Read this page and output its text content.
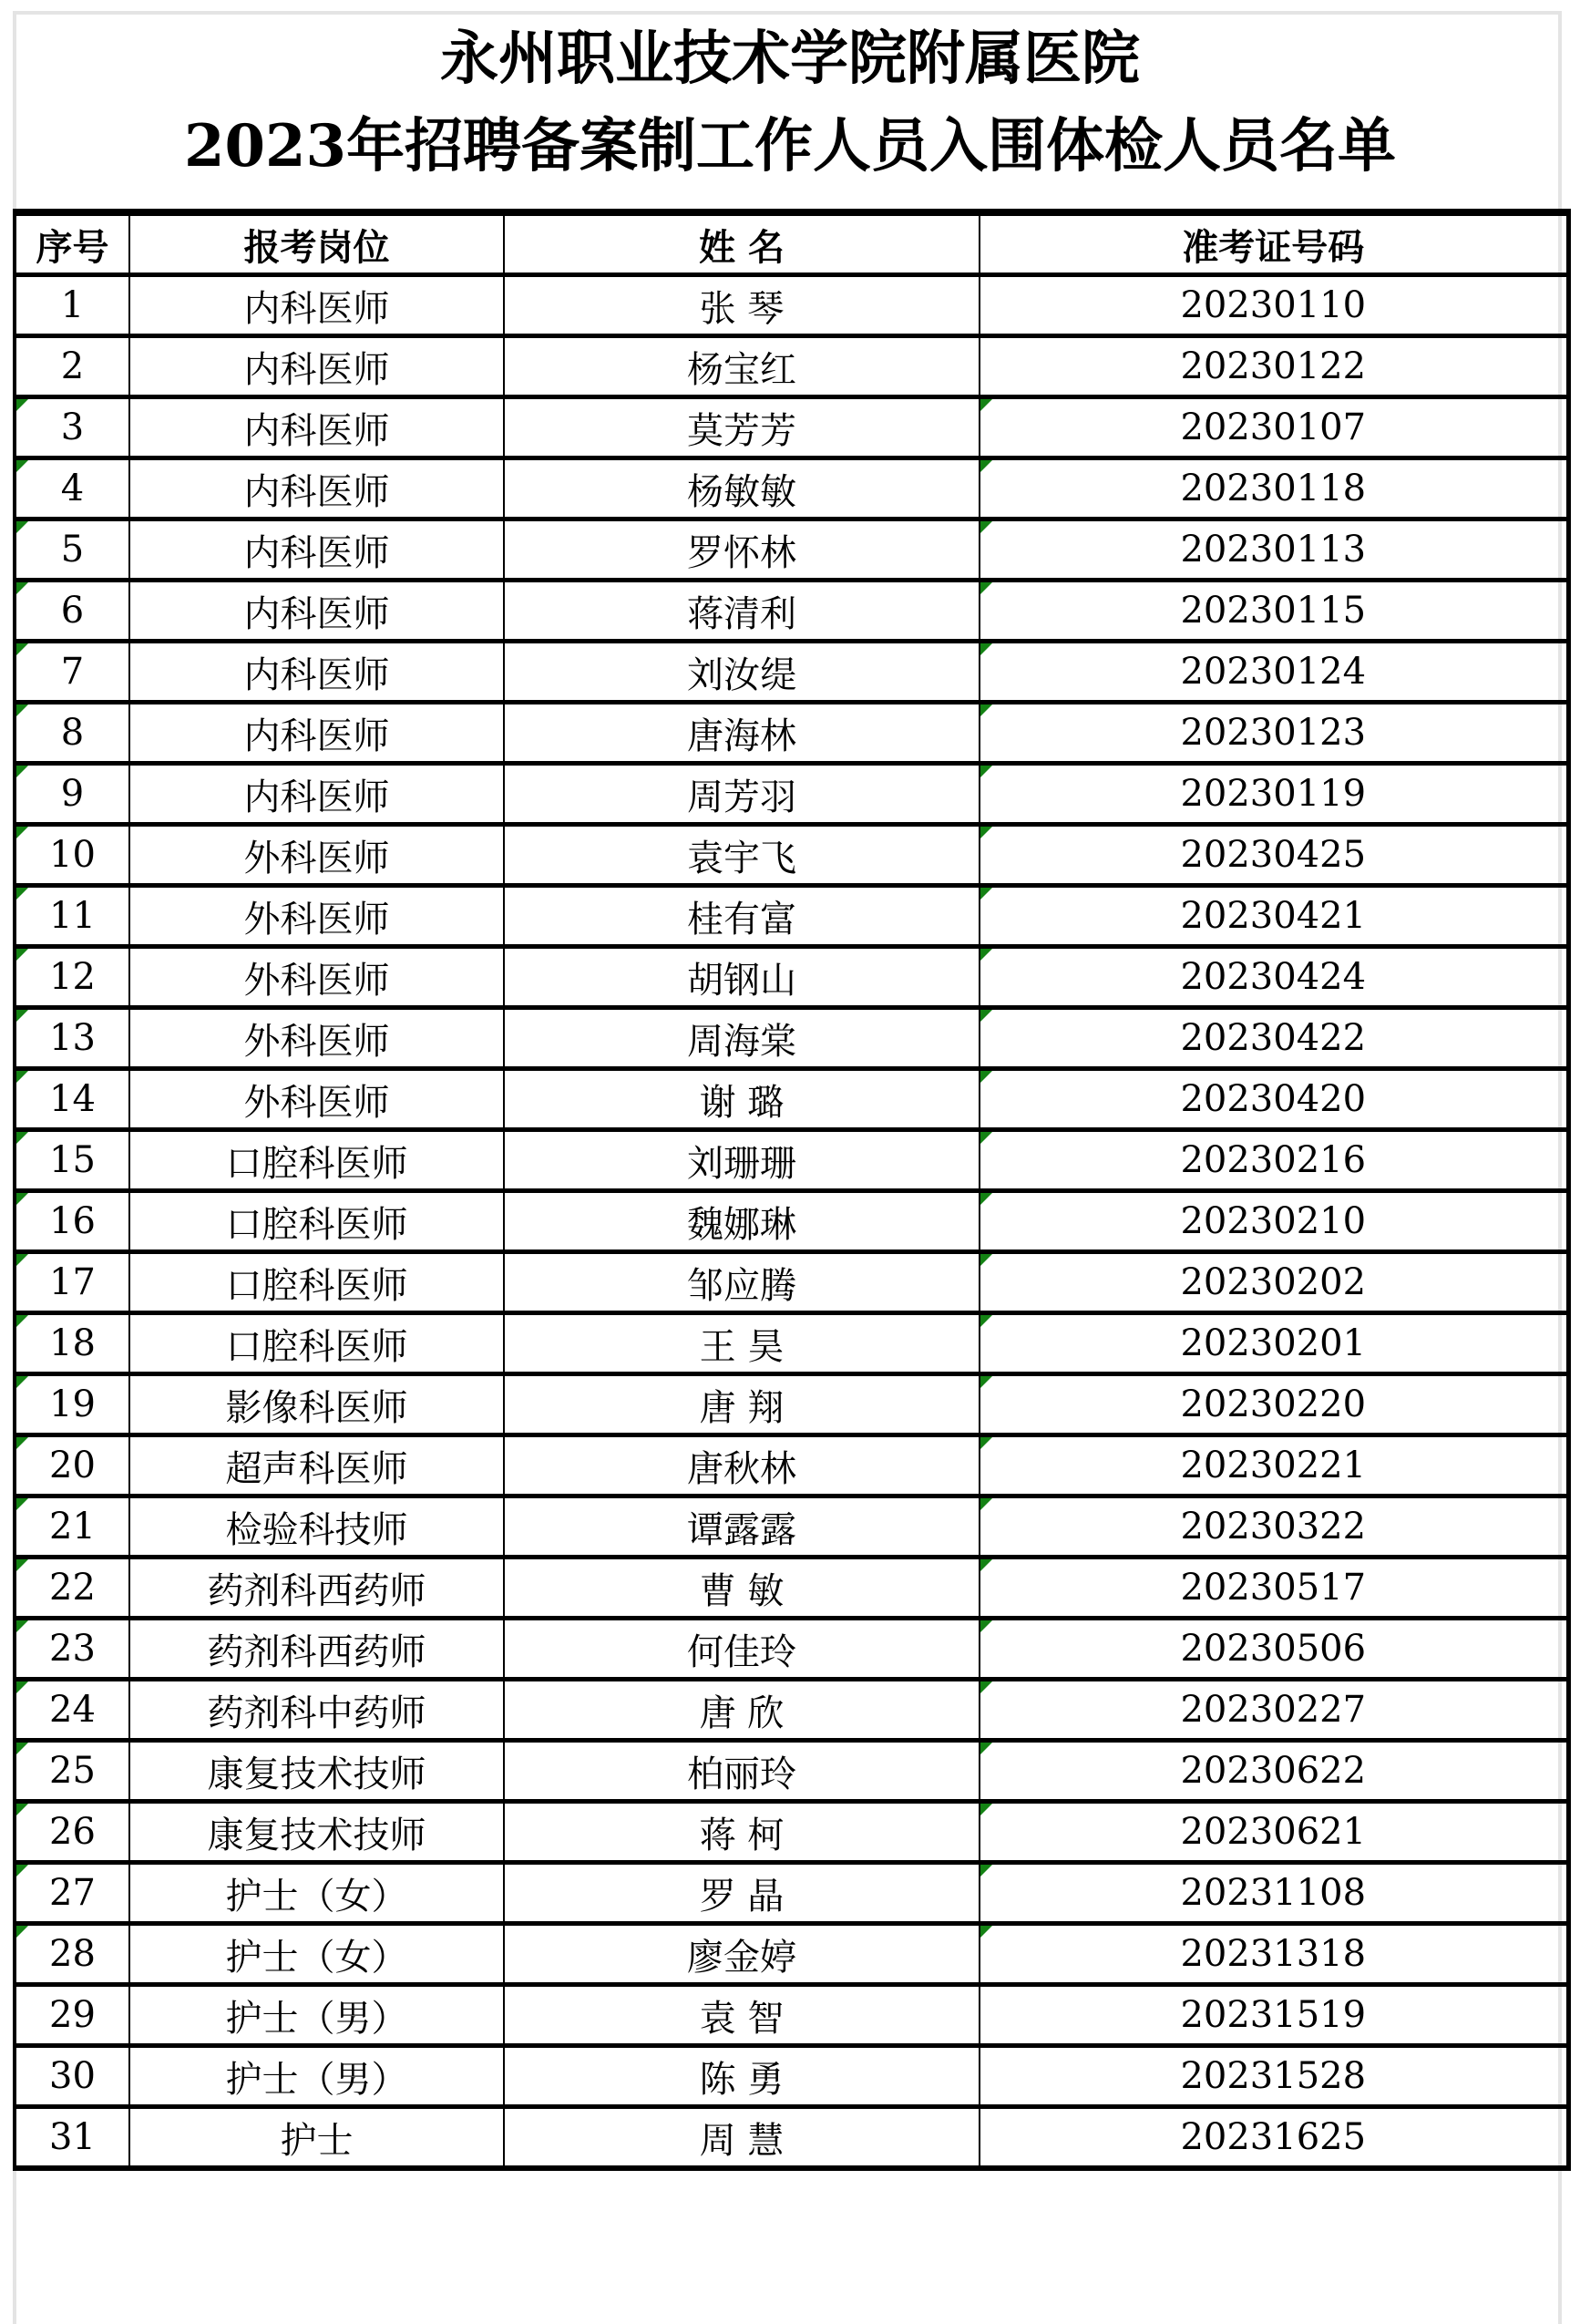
永州职业技术学院附属医院
2023年招聘备案制工作人员入围体检人员名单
序号	报考岗位	姓 名	准考证号码
1	内科医师	张 琴	20230110
2	内科医师	杨宝红	20230122
3	内科医师	莫芳芳	20230107

4	内科医师	杨敏敏	20230118

5	内科医师	罗怀林	20230113

6	内科医师	蒋清利	20230115

7	内科医师	刘汝缇	20230124

8	内科医师	唐海林	20230123

9	内科医师	周芳羽	20230119

10	外科医师	袁宇飞	20230425

11	外科医师	桂有富	20230421

12	外科医师	胡钢山	20230424

13	外科医师	周海棠	20230422

14	外科医师	谢 璐	20230420

15	口腔科医师	刘珊珊	20230216

16	口腔科医师	魏娜琳	20230210

17	口腔科医师	邹应腾	20230202

18	口腔科医师	王 昊	20230201

19	影像科医师	唐 翔	20230220

20	超声科医师	唐秋林	20230221

21	检验科技师	谭露露	20230322

22	药剂科西药师	曹 敏	20230517

23	药剂科西药师	何佳玲	20230506

24	药剂科中药师	唐 欣	20230227

25	康复技术技师	柏丽玲	20230622

26	康复技术技师	蒋 柯	20230621

27	护士（女）	罗 晶	20231108

28	护士（女）	廖金婷	20231318

29	护士（男）	袁 智	20231519
30	护士（男）	陈 勇	20231528
31	护士	周 慧	20231625
